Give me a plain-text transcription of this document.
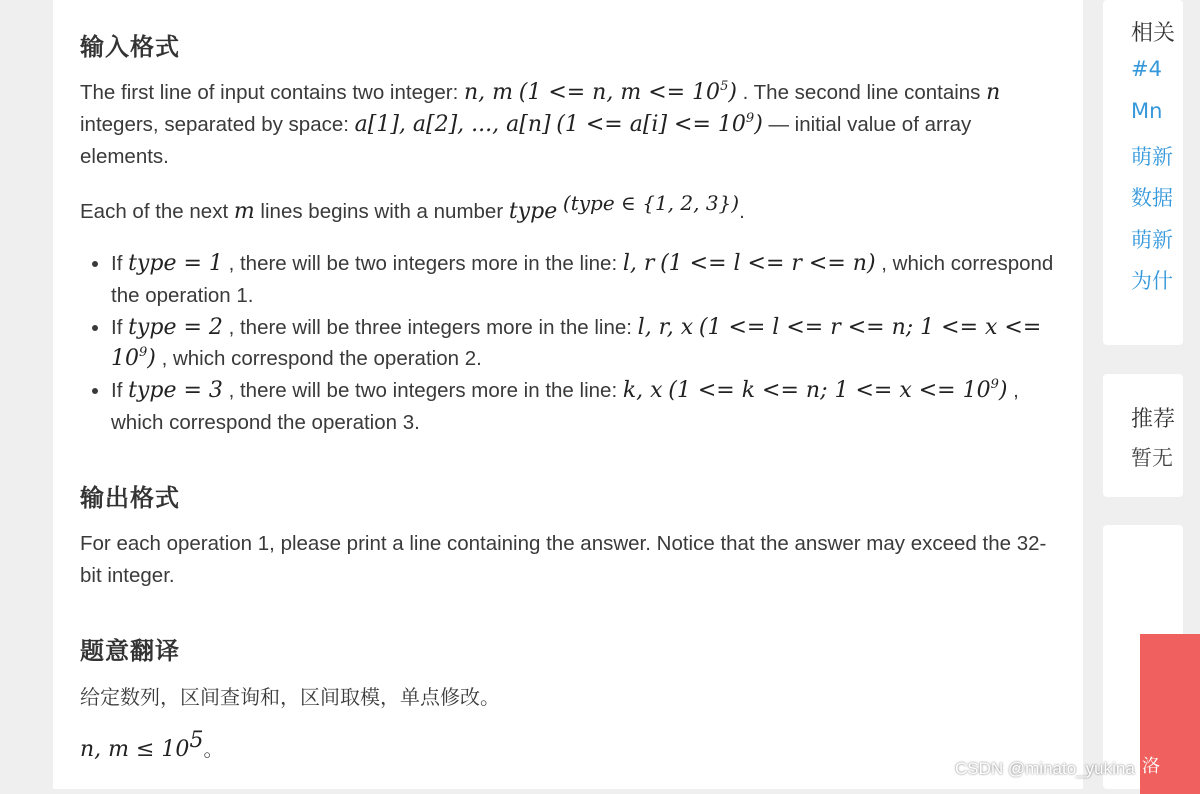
输入格式

The first line of input contains two integer: n, m (1 <= n, $m <= 10^5$) . The second line contains n

integers, separated by space: a[1], a[2], ..., a[n] $(1 <= a[i] <= 10^9)$ — initial value of array

elements.

Each of the next m lines begins with a number type (type ∈ {1, 2, 3}).

• If type = 1 , there will be two integers more in the line: l, r (1 <= l <= r <= n) , which correspond the operation 1.
• If type = 2 , there will be three integers more in the line: l, r, x (1 <= l <= r <= n; $1 <= x <= 10^9$) , which correspond the operation 2.
• If type = 3 , there will be two integers more in the line: k, x (1 <= k <= n; $1 <= x <= 10^9$) , which correspond the operation 3.
输出格式

For each operation 1, please print a line containing the answer. Notice that the answer may exceed the 32-bit integer.

题意翻译

给定数列，区间查询和，区间取模，单点修改。

n, $m \le 10^5$。

相关
#4
Mn
萌新
数据
萌新
为什
推荐
暂无
洛
CSDN @minato_yukina
